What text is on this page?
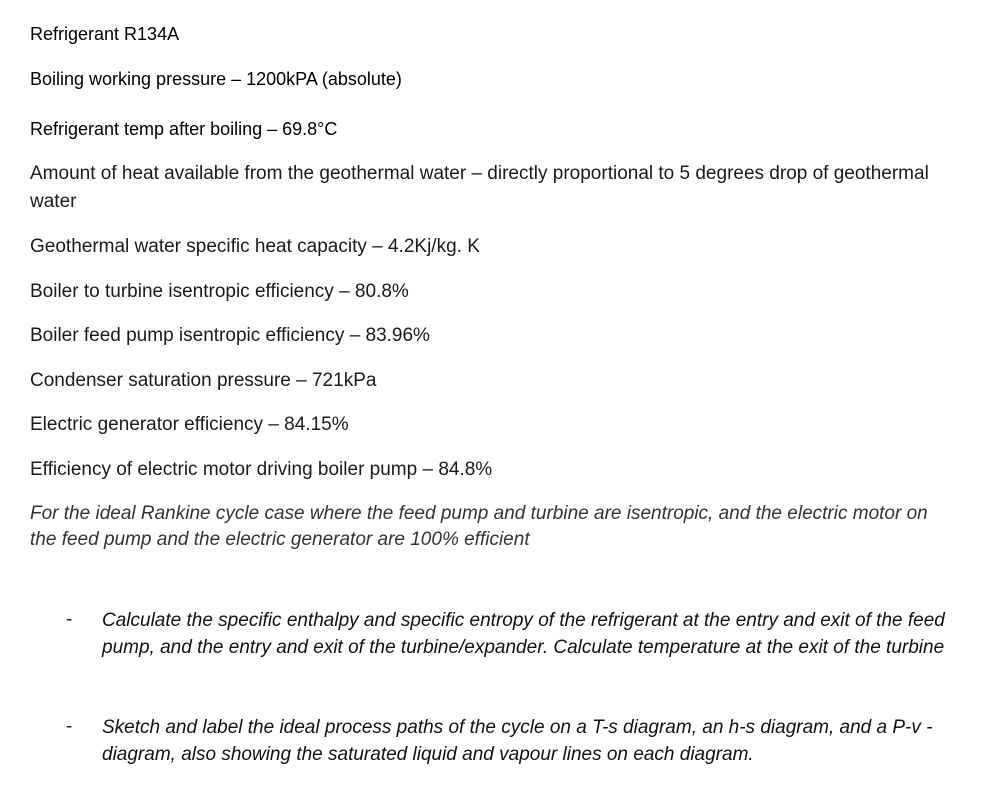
Refrigerant R134A
Boiling working pressure – 1200kPA (absolute)
Refrigerant temp after boiling – 69.8°C
Amount of heat available from the geothermal water – directly proportional to 5 degrees drop of geothermal water
Geothermal water specific heat capacity – 4.2Kj/kg. K
Boiler to turbine isentropic efficiency – 80.8%
Boiler feed pump isentropic efficiency – 83.96%
Condenser saturation pressure – 721kPa
Electric generator efficiency – 84.15%
Efficiency of electric motor driving boiler pump – 84.8%
For the ideal Rankine cycle case where the feed pump and turbine are isentropic, and the electric motor on the feed pump and the electric generator are 100% efficient
- Calculate the specific enthalpy and specific entropy of the refrigerant at the entry and exit of the feed pump, and the entry and exit of the turbine/expander. Calculate temperature at the exit of the turbine
- Sketch and label the ideal process paths of the cycle on a T-s diagram, an h-s diagram, and a P-v -diagram, also showing the saturated liquid and vapour lines on each diagram.
